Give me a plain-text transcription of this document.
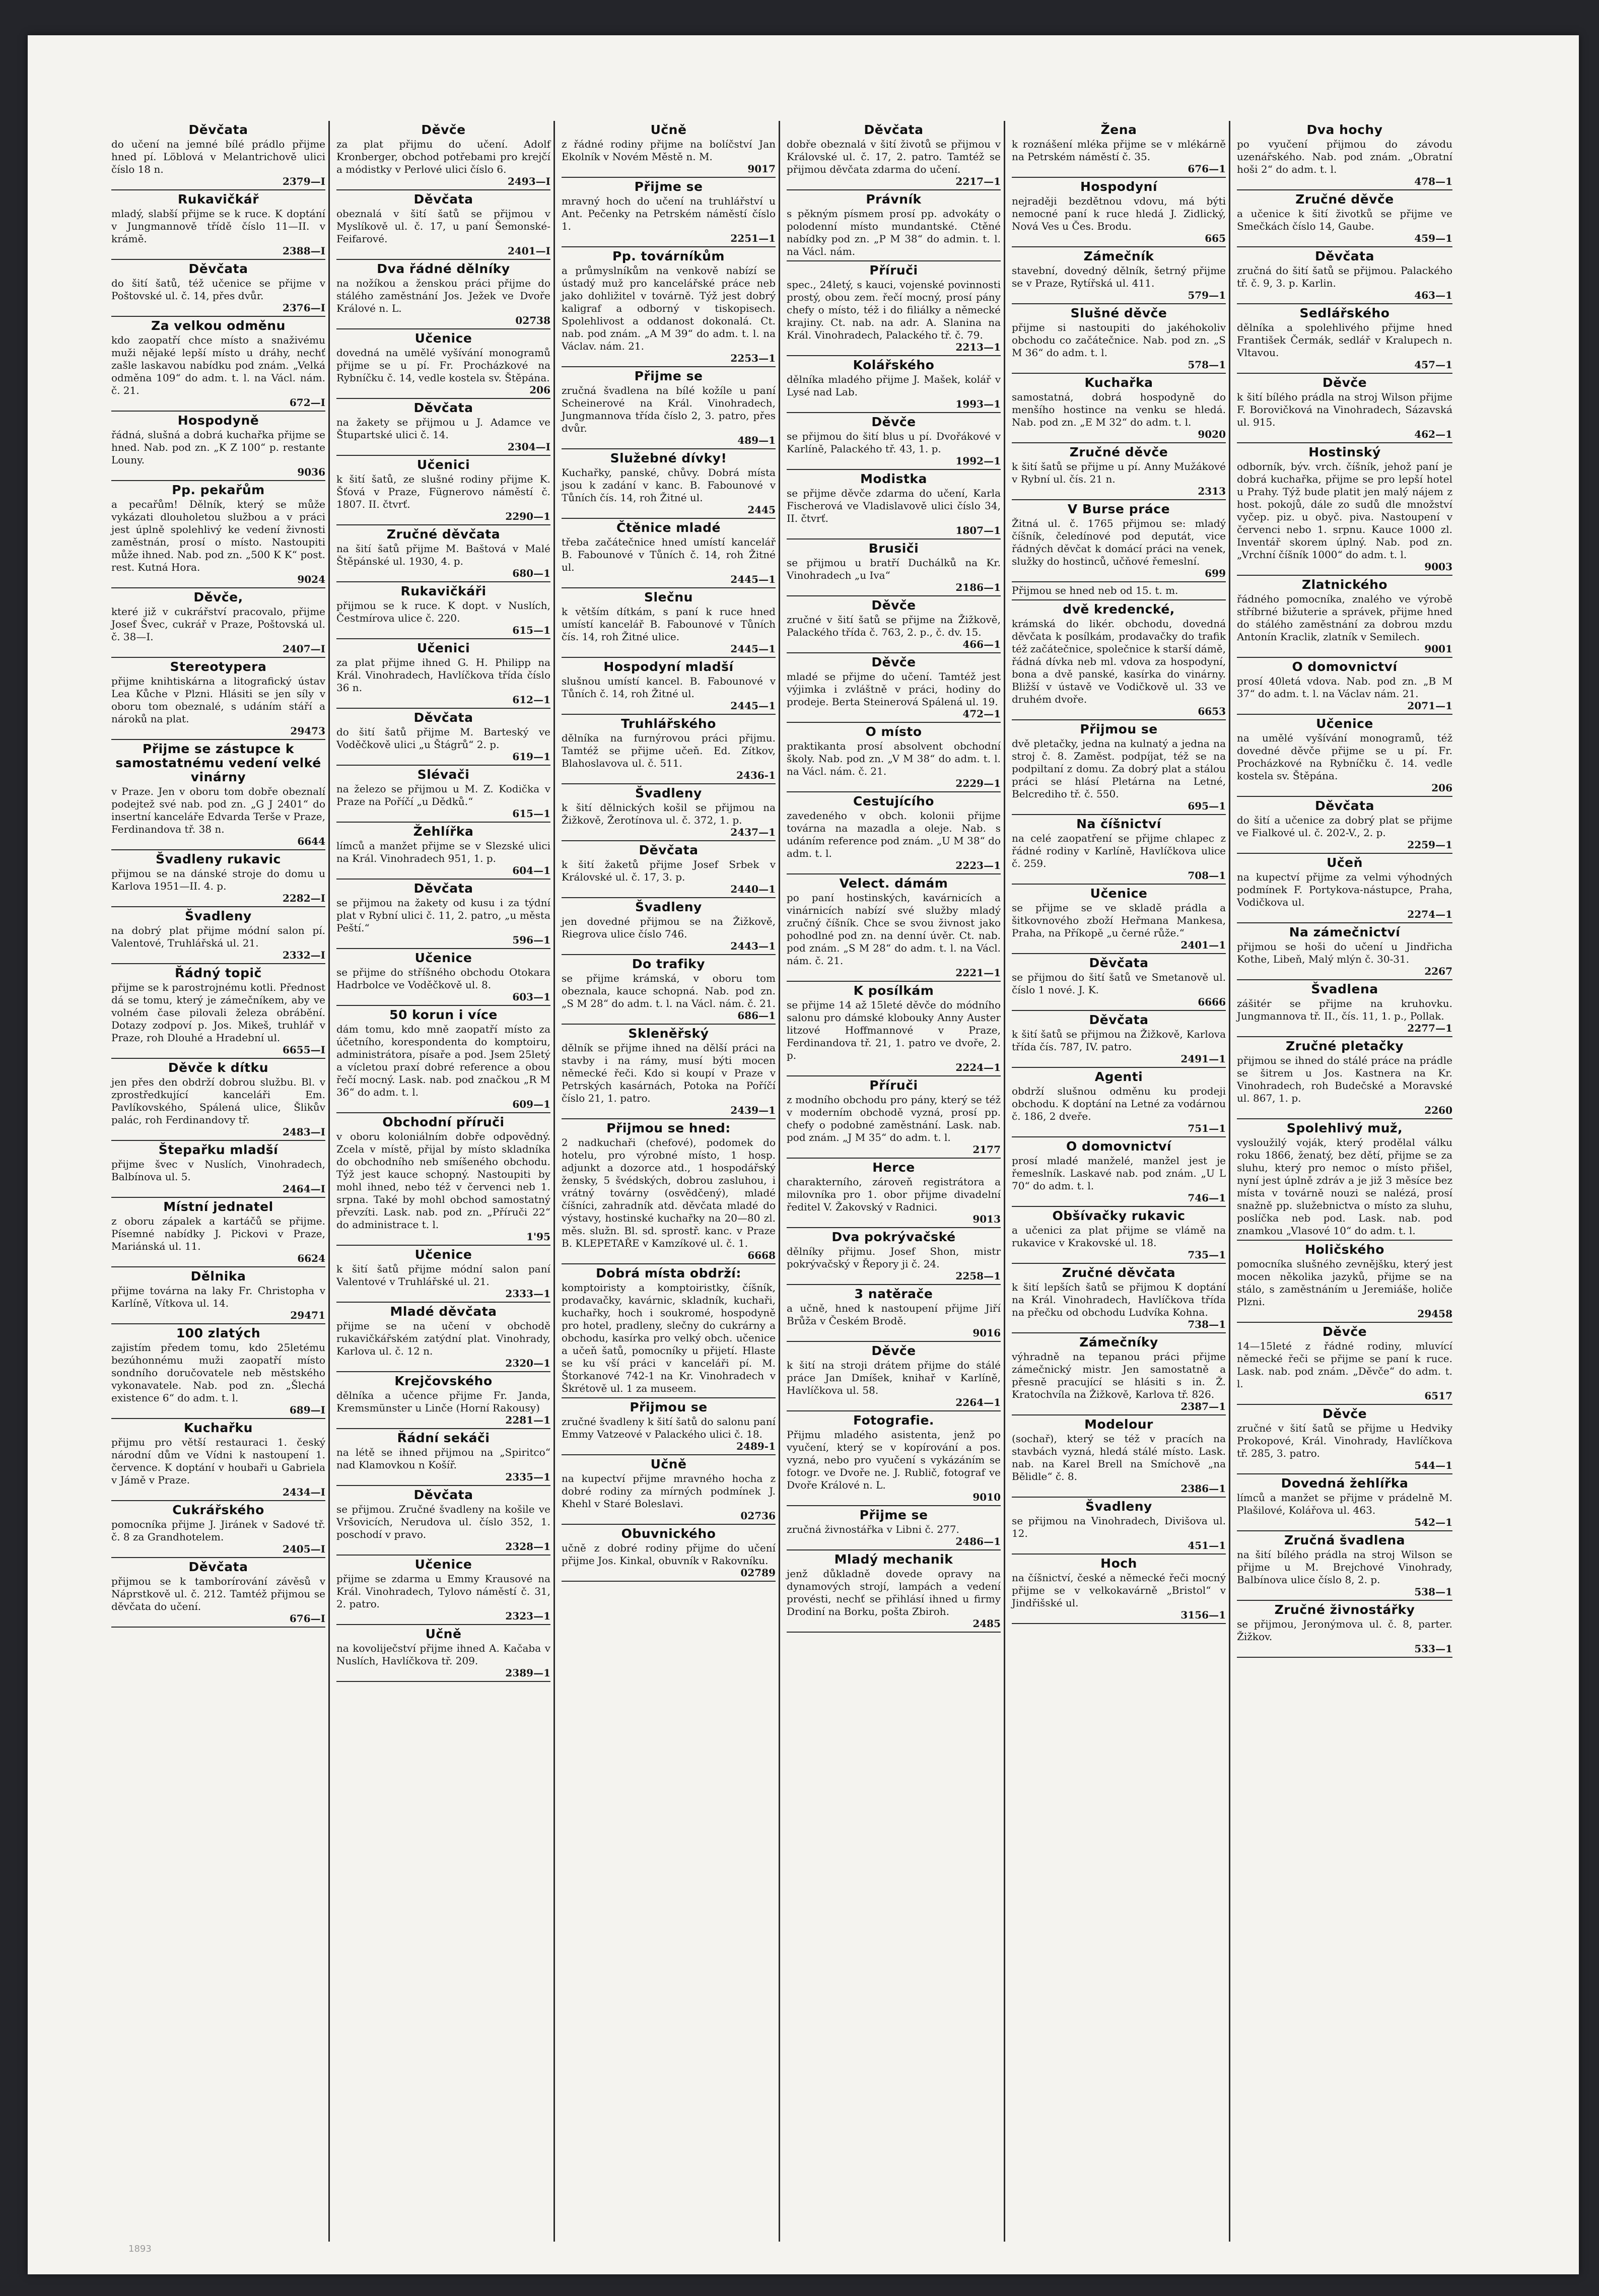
Děvčata

do učení na jemné bílé prádlo přijme hned pí. Löblová v Melantrichově ulici číslo 18 n.

2379—I
Rukavičkář

mladý, slabší přijme se k ruce. K doptání v Jungmannově třídě číslo 11—II. v krámě.

2388—I
Děvčata

do šití šatů, též učenice se přijme v Poštovské ul. č. 14, přes dvůr.

2376—I
Za velkou odměnu

kdo zaopatří chce místo a snaživému muži nějaké lepší místo u dráhy, nechť zašle laskavou nabídku pod znám. „Velká odměna 109“ do adm. t. l. na Václ. nám. č. 21.

672—I
Hospodyně

řádná, slušná a dobrá kuchařka přijme se hned. Nab. pod zn. „K Z 100“ p. restante Louny.

9036
Pp. pekařům

a pecařům! Dělník, který se může vykázati dlouholetou službou a v práci jest úplně spolehlivý ke vedení živnosti zaměstnán, prosí o místo. Nastoupiti může ihned. Nab. pod zn. „500 K K“ post. rest. Kutná Hora.

9024
Děvče,

které již v cukrářství pracovalo, přijme Josef Švec, cukrář v Praze, Poštovská ul. č. 38—I.

2407—I
Stereotypera

přijme knihtiskárna a litografický ústav Lea Kůche v Plzni. Hlásiti se jen síly v oboru tom obeznalé, s udáním stáří a nároků na plat.

29473
Přijme se zástupce k samostatnému vedení velké vinárny

v Praze. Jen v oboru tom dobře obeznalí podejtež své nab. pod zn. „G J 2401“ do insertní kanceláře Edvarda Terše v Praze, Ferdinandova tř. 38 n.

6644
Švadleny rukavic

přijmou se na dánské stroje do domu u Karlova 1951—II. 4. p.

2282—I
Švadleny

na dobrý plat přijme módní salon pí. Valentové, Truhlářská ul. 21.

2332—I
Řádný topič

přijme se k parostrojnému kotli. Přednost dá se tomu, který je zámečníkem, aby ve volném čase pilovali železa obrábění. Dotazy zodpoví p. Jos. Mikeš, truhlář v Praze, roh Dlouhé a Hradební ul.

6655—I
Děvče k dítku

jen přes den obdrží dobrou službu. Bl. v zprostředkující kanceláři Em. Pavlíkovského, Spálená ulice, Šlikův palác, roh Ferdinandovy tř.

2483—I
Štepařku mladší

přijme švec v Nuslích, Vinohradech, Balbínova ul. 5.

2464—I
Místní jednatel

z oboru zápalek a kartáčů se přijme. Písemné nabídky J. Pickovi v Praze, Mariánská ul. 11.

6624
Dělnika

přijme továrna na laky Fr. Christopha v Karlíně, Vítkova ul. 14.

29471
100 zlatých

zajistím předem tomu, kdo 25letému bezúhonnému muži zaopatří místo sondního doručovatele neb městského vykonavatele. Nab. pod zn. „Šlechá existence 6“ do adm. t. l.

689—I
Kuchařku

přijmu pro větší restauraci 1. český národní dům ve Vídni k nastoupení 1. července. K doptání v houbaři u Gabriela v Jámě v Praze.

2434—I
Cukrářského

pomocníka přijme J. Jiránek v Sadové tř. č. 8 za Grandhotelem.

2405—I
Děvčata

přijmou se k tamborírování závěsů v Náprstkově ul. č. 212. Tamtéž přijmou se děvčata do učení.

676—I
Děvče

za plat přijmu do učení. Adolf Kronberger, obchod potřebami pro krejčí a módistky v Perlové ulici číslo 6.

2493—I
Děvčata

obeznalá v šití šatů se přijmou v Myslíkově ul. č. 17, u paní Šemonské-Feifarové.

2401—I
Dva řádné dělníky

na nožíkou a ženskou práci přijme do stálého zaměstnání Jos. Ježek ve Dvoře Králové n. L.

02738
Učenice

dovedná na umělé vyšívání monogramů přijme se u pí. Fr. Procházkové na Rybníčku č. 14, vedle kostela sv. Štěpána.

206
Děvčata

na žakety se přijmou u J. Adamce ve Štupartské ulici č. 14.

2304—I
Učenici

k šití šatů, ze slušné rodiny přijme K. Šťová v Praze, Fügnerovo náměstí č. 1807. II. čtvrť.

2290—1
Zručné děvčata

na šití šatů přijme M. Baštová v Malé Štěpánské ul. 1930, 4. p.

680—1
Rukavičkáři

přijmou se k ruce. K dopt. v Nuslích, Čestmírova ulice č. 220.

615—1
Učenici

za plat přijme ihned G. H. Philipp na Král. Vinohradech, Havlíčkova třída číslo 36 n.

612—1
Děvčata

do šití šatů přijme M. Barteský ve Voděčkově ulici „u Štágrů“ 2. p.

619—1
Slévači

na železo se přijmou u M. Z. Kodička v Praze na Poříčí „u Dědků.“

615—1
Žehlířka

límců a manžet přijme se v Slezské ulici na Král. Vinohradech 951, 1. p.

604—1
Děvčata

se přijmou na žakety od kusu i za týdní plat v Rybní ulici č. 11, 2. patro, „u města Peští.“

596—1
Učenice

se přijme do stříšného obchodu Otokara Hadrbolce ve Voděčkově ul. 8.

603—1
50 korun i více

dám tomu, kdo mně zaopatří místo za účetního, korespondenta do komptoiru, administrátora, písaře a pod. Jsem 25letý a vícletou praxí dobré reference a obou řečí mocný. Lask. nab. pod značkou „R M 36“ do adm. t. l.

609—1
Obchodní příruči

v oboru koloniálním dobře odpovědný. Zcela v místě, přijal by místo skladníka do obchodního neb smíšeného obchodu. Týž jest kauce schopný. Nastoupiti by mohl ihned, nebo též v červenci neb 1. srpna. Také by mohl obchod samostatný převzíti. Lask. nab. pod zn. „Příruči 22“ do administrace t. l.

1'95
Učenice

k šití šatů přijme módní salon paní Valentové v Truhlářské ul. 21.

2333—1
Mladé děvčata

přijme se na učení v obchodě rukavičkářském zatýdní plat. Vinohrady, Karlova ul. č. 12 n.

2320—1
Krejčovského

dělníka a učence přijme Fr. Janda, Kremsmünster u Linče (Horní Rakousy)

2281—1
Řádní sekáči

na létě se ihned přijmou na „Spiritco“ nad Klamovkou n Košíř.

2335—1
Děvčata

se přijmou. Zručné švadleny na košile ve Vršovicích, Nerudova ul. číslo 352, 1. poschodí v pravo.

2328—1
Učenice

přijme se zdarma u Emmy Krausové na Král. Vinohradech, Tylovo náměstí č. 31, 2. patro.

2323—1
Učně

na kovoliječství přijme ihned A. Kačaba v Nuslích, Havlíčkova tř. 209.

2389—1
Učně

z řádné rodiny přijme na bolíčství Jan Ekolník v Novém Městě n. M.

9017
Přijme se

mravný hoch do učení na truhlářství u Ant. Pečenky na Petrském náměstí číslo 1.

2251—1
Pp. továrníkům

a průmyslníkům na venkově nabízí se ústadý muž pro kancelářské práce neb jako dohližitel v továrně. Týž jest dobrý kaligraf a odborný v tiskopisech. Spolehlivost a oddanost dokonalá. Ct. nab. pod znám. „A M 39“ do adm. t. l. na Václav. nám. 21.

2253—1
Přijme se

zručná švadlena na bílé kožíle u paní Scheinerové na Král. Vinohradech, Jungmannova třída číslo 2, 3. patro, přes dvůr.

489—1
Služebné dívky!

Kuchařky, panské, chůvy. Dobrá místa jsou k zadání v kanc. B. Fabounové v Tůních čís. 14, roh Žitné ul.

2445
Čtěnice mladé

třeba začátečnice hned umístí kancelář B. Fabounové v Tůních č. 14, roh Žitné ul.

2445—1
Slečnu

k větším dítkám, s paní k ruce hned umístí kancelář B. Fabounové v Tůních čís. 14, roh Žitné ulice.

2445—1
Hospodyní mladší

slušnou umístí kancel. B. Fabounové v Tůních č. 14, roh Žitné ul.

2445—1
Truhlářského

dělníka na furnýrovou práci přijmu. Tamtéž se přijme učeň. Ed. Zítkov, Blahoslavova ul. č. 511.

2436-1
Švadleny

k šití dělnických košil se přijmou na Žižkově, Žerotínova ul. č. 372, 1. p.

2437—1
Děvčata

k šití žaketů přijme Josef Srbek v Královské ul. č. 17, 3. p.

2440—1
Švadleny

jen dovedné přijmou se na Žižkově, Riegrova ulice číslo 746.

2443—1
Do trafiky

se přijme krámská, v oboru tom obeznala, kauce schopná. Nab. pod zn. „S M 28“ do adm. t. l. na Václ. nám. č. 21.

686—1
Skleněřský

dělník se přijme ihned na dělší práci na stavby i na rámy, musí býti mocen německé řeči. Kdo si koupí v Praze v Petrských kasárnách, Potoka na Poříčí číslo 21, 1. patro.

2439—1
Přijmou se hned:

2 nadkuchaři (chefové), podomek do hotelu, pro výrobné místo, 1 hosp. adjunkt a dozorce atd., 1 hospodářský žensky, 5 švédských, dobrou zasluhou, i vrátný továrny (osvědčený), mladé číšníci, zahradník atd. děvčata mladé do výstavy, hostinské kuchařky na 20—80 zl. měs. služn. Bl. sd. sprostř. kanc. v Praze B. KLEPETAŘE v Kamzíkové ul. č. 1.

6668
Dobrá místa obdrží:

komptoiristy a komptoiristky, číšník, prodavačky, kavárnic, skladník, kuchaři, kuchařky, hoch i soukromé, hospodyně pro hotel, pradleny, slečny do cukrárny a obchodu, kasírka pro velký obch. učenice a učeň šatů, pomocníky u přijetí. Hlaste se ku vší práci v kanceláři pí. M. Štorkanové 742-1 na Kr. Vinohradech v Škrétově ul. 1 za museem.

Přijmou se

zručné švadleny k šití šatů do salonu paní Emmy Vatzeové v Palackého ulici č. 18.

2489-1
Učně

na kupectví přijme mravného hocha z dobré rodiny za mírných podmínek J. Khehl v Staré Boleslavi.

02736
Obuvnického

učně z dobré rodiny přijme do učení přijme Jos. Kinkal, obuvník v Rakovníku.

02789
Děvčata

dobře obeznalá v šití životů se přijmou v Královské ul. č. 17, 2. patro. Tamtéž se přijmou děvčata zdarma do učení.

2217—1
Právník

s pěkným písmem prosí pp. advokáty o polodenní místo mundantské. Ctěné nabídky pod zn. „P M 38“ do admin. t. l. na Václ. nám.

Příruči

spec., 24letý, s kauci, vojenské povinnosti prostý, obou zem. řečí mocný, prosí pány chefy o místo, též i do filiálky a německé krajiny. Ct. nab. na adr. A. Slanina na Král. Vinohradech, Palackého tř. č. 79.

2213—1
Kolářského

dělníka mladého přijme J. Mašek, kolář v Lysé nad Lab.

1993—1
Děvče

se přijmou do šití blus u pí. Dvořákové v Karlíně, Palackého tř. 43, 1. p.

1992—1
Modistka

se přijme děvče zdarma do učení, Karla Fischerová ve Vladislavově ulici číslo 34, II. čtvrť.

1807—1
Brusiči

se přijmou u bratří Duchálků na Kr. Vinohradech „u Iva“

2186—1
Děvče

zručné v šití šatů se přijme na Žižkově, Palackého třída č. 763, 2. p., č. dv. 15.

466—1
Děvče

mladé se přijme do učení. Tamtéž jest výjimka i zvláštně v práci, hodiny do prodeje. Berta Steinerová Spálená ul. 19.

472—1
O místo

praktikanta prosí absolvent obchodní školy. Nab. pod zn. „V M 38“ do adm. t. l. na Václ. nám. č. 21.

2229—1
Cestujícího

zavedeného v obch. kolonii přijme továrna na mazadla a oleje. Nab. s udáním reference pod znám. „U M 38“ do adm. t. l.

2223—1
Velect. dámám

po paní hostinských, kavárnicích a vinárnicích nabízí své služby mladý zručný číšník. Chce se svou živnost jako pohodlné pod zn. na denní úvěr. Ct. nab. pod znám. „S M 28“ do adm. t. l. na Václ. nám. č. 21.

2221—1
K posílkám

se přijme 14 až 15leté děvče do módního salonu pro dámské klobouky Anny Auster litzové Hoffmannové v Praze, Ferdinandova tř. 21, 1. patro ve dvoře, 2. p.

2224—1
Příruči

z modního obchodu pro pány, který se též v moderním obchodě vyzná, prosí pp. chefy o podobné zaměstnání. Lask. nab. pod znám. „J M 35“ do adm. t. l.

2177
Herce

charakterního, zároveň registrátora a milovníka pro 1. obor přijme divadelní ředitel V. Žakovský v Radnici.

9013
Dva pokrývačské

dělníky přijmu. Josef Shon, mistr pokrývačský v Řepory ji č. 24.

2258—1
3 natěrače

a učně, hned k nastoupení přijme Jiří Brůža v Českém Brodě.

9016
Děvče

k šití na stroji drátem přijme do stálé práce Jan Dmíšek, knihař v Karlíně, Havlíčkova ul. 58.

2264—1
Fotografie.

Přijmu mladého asistenta, jenž po vyučení, který se v kopírování a pos. vyzná, nebo pro vyučení s vykázáním se fotogr. ve Dvoře ne. J. Rublič, fotograf ve Dvoře Králové n. L.

9010
Přijme se

zručná živnostářka v Libni č. 277.

2486—1
Mladý mechanik

jenž důkladně dovede opravy na dynamových strojí, lampách a vedení provésti, nechť se přihlásí ihned u firmy Drodiní na Borku, pošta Zbiroh.

2485
Žena

k roznášení mléka přijme se v mlékárně na Petrském náměstí č. 35.

676—1
Hospodyní

nejraději bezdětnou vdovu, má býti nemocné paní k ruce hledá J. Zidlický, Nová Ves u Čes. Brodu.

665
Zámečník

stavební, dovedný dělník, šetrný přijme se v Praze, Rytířská ul. 411.

579—1
Slušné děvče

přijme si nastoupiti do jakéhokoliv obchodu co začátečnice. Nab. pod zn. „S M 36“ do adm. t. l.

578—1
Kuchařka

samostatná, dobrá hospodyně do menšího hostince na venku se hledá. Nab. pod zn. „E M 32“ do adm. t. l.

9020
Zručné děvče

k šití šatů se přijme u pí. Anny Mužákové v Rybní ul. čís. 21 n.

2313
V Burse práce

Žitná ul. č. 1765 přijmou se: mladý číšník, čeledínové pod deputát, vice řádných děvčat k domácí práci na venek, služky do hostinců, učňové řemeslní.

699

Přijmou se hned neb od 15. t. m.

dvě kredencké,

krámská do likér. obchodu, dovedná děvčata k posílkám, prodavačky do trafik též začátečnice, společnice k starší dámě, řádná dívka neb ml. vdova za hospodyní, bona a dvě panské, kasírka do vinárny. Bližší v ústavě ve Vodičkově ul. 33 ve druhém dvoře.

6653
Přijmou se

dvě pletačky, jedna na kulnatý a jedna na stroj č. 8. Zaměst. podpíjat, též se na podpiltaní z domu. Za dobrý plat a stálou práci se hlásí Pletárna na Letné, Belcrediho tř. č. 550.

695—1
Na číšnictví

na celé zaopatření se přijme chlapec z řádné rodiny v Karlíně, Havlíčkova ulice č. 259.

708—1
Učenice

se přijme se ve skladě prádla a šitkovnového zboží Heřmana Mankesa, Praha, na Příkopě „u černé růže.“

2401—1
Děvčata

se přijmou do šití šatů ve Smetanově ul. číslo 1 nové. J. K.

6666
Děvčata

k šití šatů se přijmou na Žižkově, Karlova třída čís. 787, IV. patro.

2491—1
Agenti

obdrží slušnou odměnu ku prodeji obchodu. K doptání na Letné za vodárnou č. 186, 2 dveře.

751—1
O domovnictví

prosí mladé manželé, manžel jest je řemeslník. Laskavé nab. pod znám. „U L 70“ do adm. t. l.

746—1
Obšívačky rukavic

a učenici za plat přijme se vlámě na rukavice v Krakovské ul. 18.

735—1
Zručné děvčata

k šití lepších šatů se přijmou K doptání na Král. Vinohradech, Havlíčkova třída na přečku od obchodu Ludvíka Kohna.

738—1
Zámečníky

výhradně na tepanou práci přijme zámečnický mistr. Jen samostatně a přesně pracující se hlásiti s in. Ž. Kratochvíla na Žižkově, Karlova tř. 826.

2387—1
Modelour

(sochař), který se též v pracích na stavbách vyzná, hledá stálé místo. Lask. nab. na Karel Brell na Smíchově „na Bělidle“ č. 8.

2386—1
Švadleny

se přijmou na Vinohradech, Divišova ul. 12.

451—1
Hoch

na číšnictví, české a německé řeči mocný přijme se v velkokavárně „Bristol“ v Jindřišské ul.

3156—1
Dva hochy

po vyučení přijmou do závodu uzenářského. Nab. pod znám. „Obratní hoši 2“ do adm. t. l.

478—1
Zručné děvče

a učenice k šití životků se přijme ve Smečkách číslo 14, Gaube.

459—1
Děvčata

zručná do šití šatů se přijmou. Palackého tř. č. 9, 3. p. Karlin.

463—1
Sedlářského

dělníka a spolehlivého přijme hned František Čermák, sedlář v Kralupech n. Vltavou.

457—1
Děvče

k šití bílého prádla na stroj Wilson přijme F. Borovičková na Vinohradech, Sázavská ul. 915.

462—1
Hostinský

odborník, býv. vrch. číšník, jehož paní je dobrá kuchařka, přijme se pro lepší hotel u Prahy. Týž bude platit jen malý nájem z host. pokojů, dále zo sudů dle množství vyčep. piz. u obyč. piva. Nastoupení v červenci nebo 1. srpnu. Kauce 1000 zl. Inventář skorem úplný. Nab. pod zn. „Vrchní číšník 1000“ do adm. t. l.

9003
Zlatnického

řádného pomocníka, znalého ve výrobě stříbrné bižuterie a správek, přijme hned do stálého zaměstnání za dobrou mzdu Antonín Kraclik, zlatník v Semilech.

9001
O domovnictví

prosí 40letá vdova. Nab. pod zn. „B M 37“ do adm. t. l. na Václav nám. 21.

2071—1
Učenice

na umělé vyšívání monogramů, též dovedné děvče přijme se u pí. Fr. Procházkové na Rybníčku č. 14. vedle kostela sv. Štěpána.

206
Děvčata

do šití a učenice za dobrý plat se přijme ve Fialkové ul. č. 202-V., 2. p.

2259—1
Učeň

na kupectví přijme za velmi výhodných podmínek F. Portykova-nástupce, Praha, Vodičkova ul.

2274—1
Na zámečnictví

přijmou se hoši do učení u Jindřicha Kothe, Libeň, Malý mlýn č. 30-31.

2267
Švadlena

zášitér se přijme na kruhovku. Jungmannova tř. II., čís. 11, 1. p., Pollak.

2277—1
Zručné pletačky

přijmou se ihned do stálé práce na prádle se šitrem u Jos. Kastnera na Kr. Vinohradech, roh Budečské a Moravské ul. 867, 1. p.

2260
Spolehlivý muž,

vysloužilý voják, který prodělal válku roku 1866, ženatý, bez dětí, přijme se za sluhu, který pro nemoc o místo přišel, nyní jest úplně zdráv a je již 3 měsíce bez místa v továrně nouzi se nalézá, prosí snažně pp. služebnictva o místo za sluhu, poslíčka neb pod. Lask. nab. pod znamkou „Vlasové 10“ do adm. t. l.

Holičského

pomocníka slušného zevnějšku, který jest mocen několika jazyků, přijme se na stálo, s zaměstnáním u Jeremiáše, holiče Plzni.

29458
Děvče

14—15leté z řádné rodiny, mluvící německé řeči se přijme se paní k ruce. Lask. nab. pod znám. „Děvče“ do adm. t. l.

6517
Děvče

zručné v šití šatů se přijme u Hedviky Prokopové, Král. Vinohrady, Havlíčkova tř. 285, 3. patro.

544—1
Dovedná žehlířka

límců a manžet se přijme v prádelně M. Plašilové, Kolářova ul. 463.

542—1
Zručná švadlena

na šití bílého prádla na stroj Wilson se přijme u M. Brejchové Vinohrady, Balbínova ulice číslo 8, 2. p.

538—1
Zručné živnostářky

se přijmou, Jeronýmova ul. č. 8, parter. Žižkov.

533—1
1893
